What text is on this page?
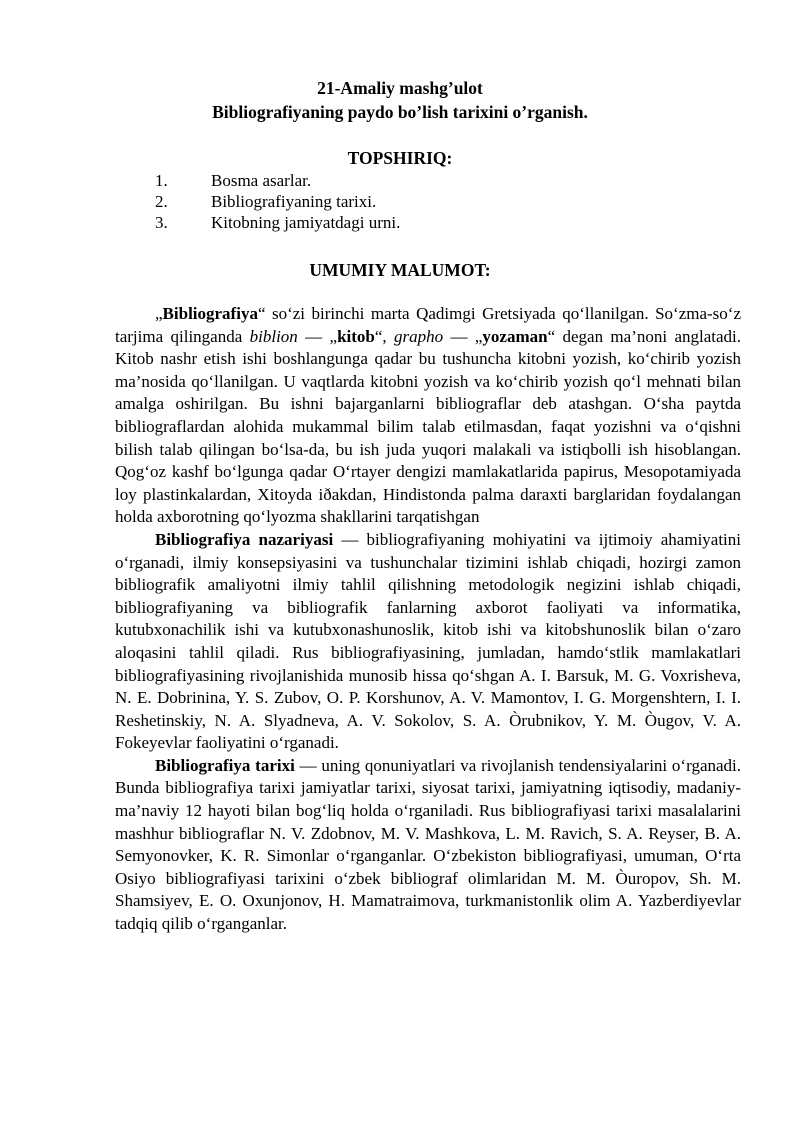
21-Amaliy mashg’ulot
Bibliografiyaning paydo bo’lish tarixini o’rganish.
TOPSHIRIQ:
1.	Bosma asarlar.
2.	Bibliografiyaning tarixi.
3.	Kitobning jamiyatdagi urni.
UMUMIY MALUMOT:

„Bibliografiya“ so‘zi birinchi marta Qadimgi Gretsiyada qo‘llanilgan. So‘zma-so‘z tarjima qilinganda biblion — „kitob“, grapho — „yozaman“ degan ma’noni anglatadi. Kitob nashr etish ishi boshlangunga qadar bu tushuncha kitobni yozish, ko‘chirib yozish ma’nosida qo‘llanilgan. U vaqtlarda kitobni yozish va ko‘chirib yozish qo‘l mehnati bilan amalga oshirilgan. Bu ishni bajarganlarni bibliograflar deb atashgan. O‘sha paytda bibliograflardan alohida mukammal bilim talab etilmasdan, faqat yozishni va o‘qishni bilish talab qilingan bo‘lsa-da, bu ish juda yuqori malakali va istiqbolli ish hisoblangan. Qog‘oz kashf bo‘lgunga qadar O‘rtayer dengizi mamlakatlarida papirus, Mesopotamiyada loy plastinkalardan, Xitoyda iðakdan, Hindistonda palma daraxti barglaridan foydalangan holda axborotning qo‘lyozma shakllarini tarqatishgan

Bibliografiya nazariyasi — bibliografiyaning mohiyatini va ijtimoiy ahamiyatini o‘rganadi, ilmiy konsepsiyasini va tushunchalar tizimini ishlab chiqadi, hozirgi zamon bibliografik amaliyotni ilmiy tahlil qilishning metodologik negizini ishlab chiqadi, bibliografiyaning va bibliografik fanlarning axborot faoliyati va informatika, kutubxonachilik ishi va kutubxonashunoslik, kitob ishi va kitobshunoslik bilan o‘zaro aloqasini tahlil qiladi. Rus bibliografiyasining, jumladan, hamdo‘stlik mamlakatlari bibliografiyasining rivojlanishida munosib hissa qo‘shgan A. I. Barsuk, M. G. Voxrisheva, N. E. Dobrinina, Y. S. Zubov, O. P. Korshunov, A. V. Mamontov, I. G. Morgenshtern, I. I. Reshetinskiy, N. A. Slyadneva, A. V. Sokolov, S. A. Òrubnikov, Y. M. Òugov, V. A. Fokeyevlar faoliyatini o‘rganadi.

Bibliografiya tarixi — uning qonuniyatlari va rivojlanish tendensiyalarini o‘rganadi. Bunda bibliografiya tarixi jamiyatlar tarixi, siyosat tarixi, jamiyatning iqtisodiy, madaniy-ma’naviy 12 hayoti bilan bog‘liq holda o‘rganiladi. Rus bibliografiyasi tarixi masalalarini mashhur bibliograflar N. V. Zdobnov, M. V. Mashkova, L. M. Ravich, S. A. Reyser, B. A. Semyonovker, K. R. Simonlar o‘rganganlar. O‘zbekiston bibliografiyasi, umuman, O‘rta Osiyo bibliografiyasi tarixini o‘zbek bibliograf olimlaridan M. M. Òuropov, Sh. M. Shamsiyev, E. O. Oxunjonov, H. Mamatraimova, turkmanistonlik olim A. Yazberdiyevlar tadqiq qilib o‘rganganlar.
